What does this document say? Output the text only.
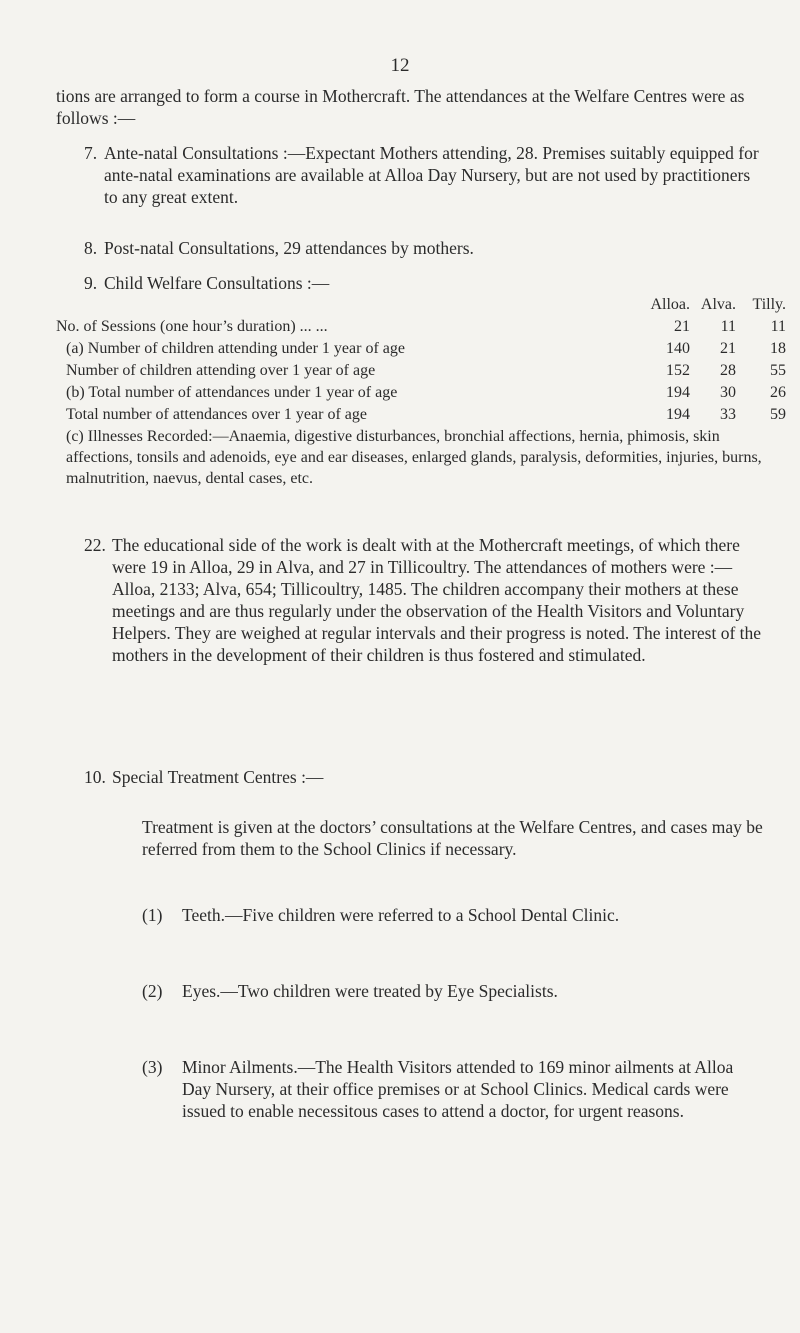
12

tions are arranged to form a course in Mothercraft. The attendances at the Welfare Centres were as follows :—

7. Ante-natal Consultations :—Expectant Mothers attending, 28. Premises suitably equipped for ante-natal examinations are available at Alloa Day Nursery, but are not used by practitioners to any great extent.

8. Post-natal Consultations, 29 attendances by mothers.

9. Child Welfare Consultations :—

Alloa. Alva.	Tilly.
No. of Sessions (one hour’s duration) ... ...	21	11	11
(a) Number of children attending under 1 year of age	140	21	18
Number of children attending over 1 year of age	152	28	55
(b) Total number of attendances under 1 year of age	194	30	26
Total number of attendances over 1 year of age	194	33	59

(c) Illnesses Recorded:—Anaemia, digestive disturbances, bronchial affections, hernia, phimosis, skin affections, tonsils and adenoids, eye and ear diseases, enlarged glands, paralysis, deformities, injuries, burns, malnutrition, naevus, dental cases, etc.

22. The educational side of the work is dealt with at the Mothercraft meetings, of which there were 19 in Alloa, 29 in Alva, and 27 in Tillicoultry. The attendances of mothers were :—Alloa, 2133; Alva, 654; Tillicoultry, 1485. The children accompany their mothers at these meetings and are thus regularly under the observation of the Health Visitors and Voluntary Helpers. They are weighed at regular intervals and their progress is noted. The interest of the mothers in the development of their children is thus fostered and stimulated.

10. Special Treatment Centres :—

Treatment is given at the doctors’ consultations at the Welfare Centres, and cases may be referred from them to the School Clinics if necessary.

(1) Teeth.—Five children were referred to a School Dental Clinic.

(2) Eyes.—Two children were treated by Eye Specialists.

(3) Minor Ailments.—The Health Visitors attended to 169 minor ailments at Alloa Day Nursery, at their office premises or at School Clinics. Medical cards were issued to enable necessitous cases to attend a doctor, for urgent reasons.
